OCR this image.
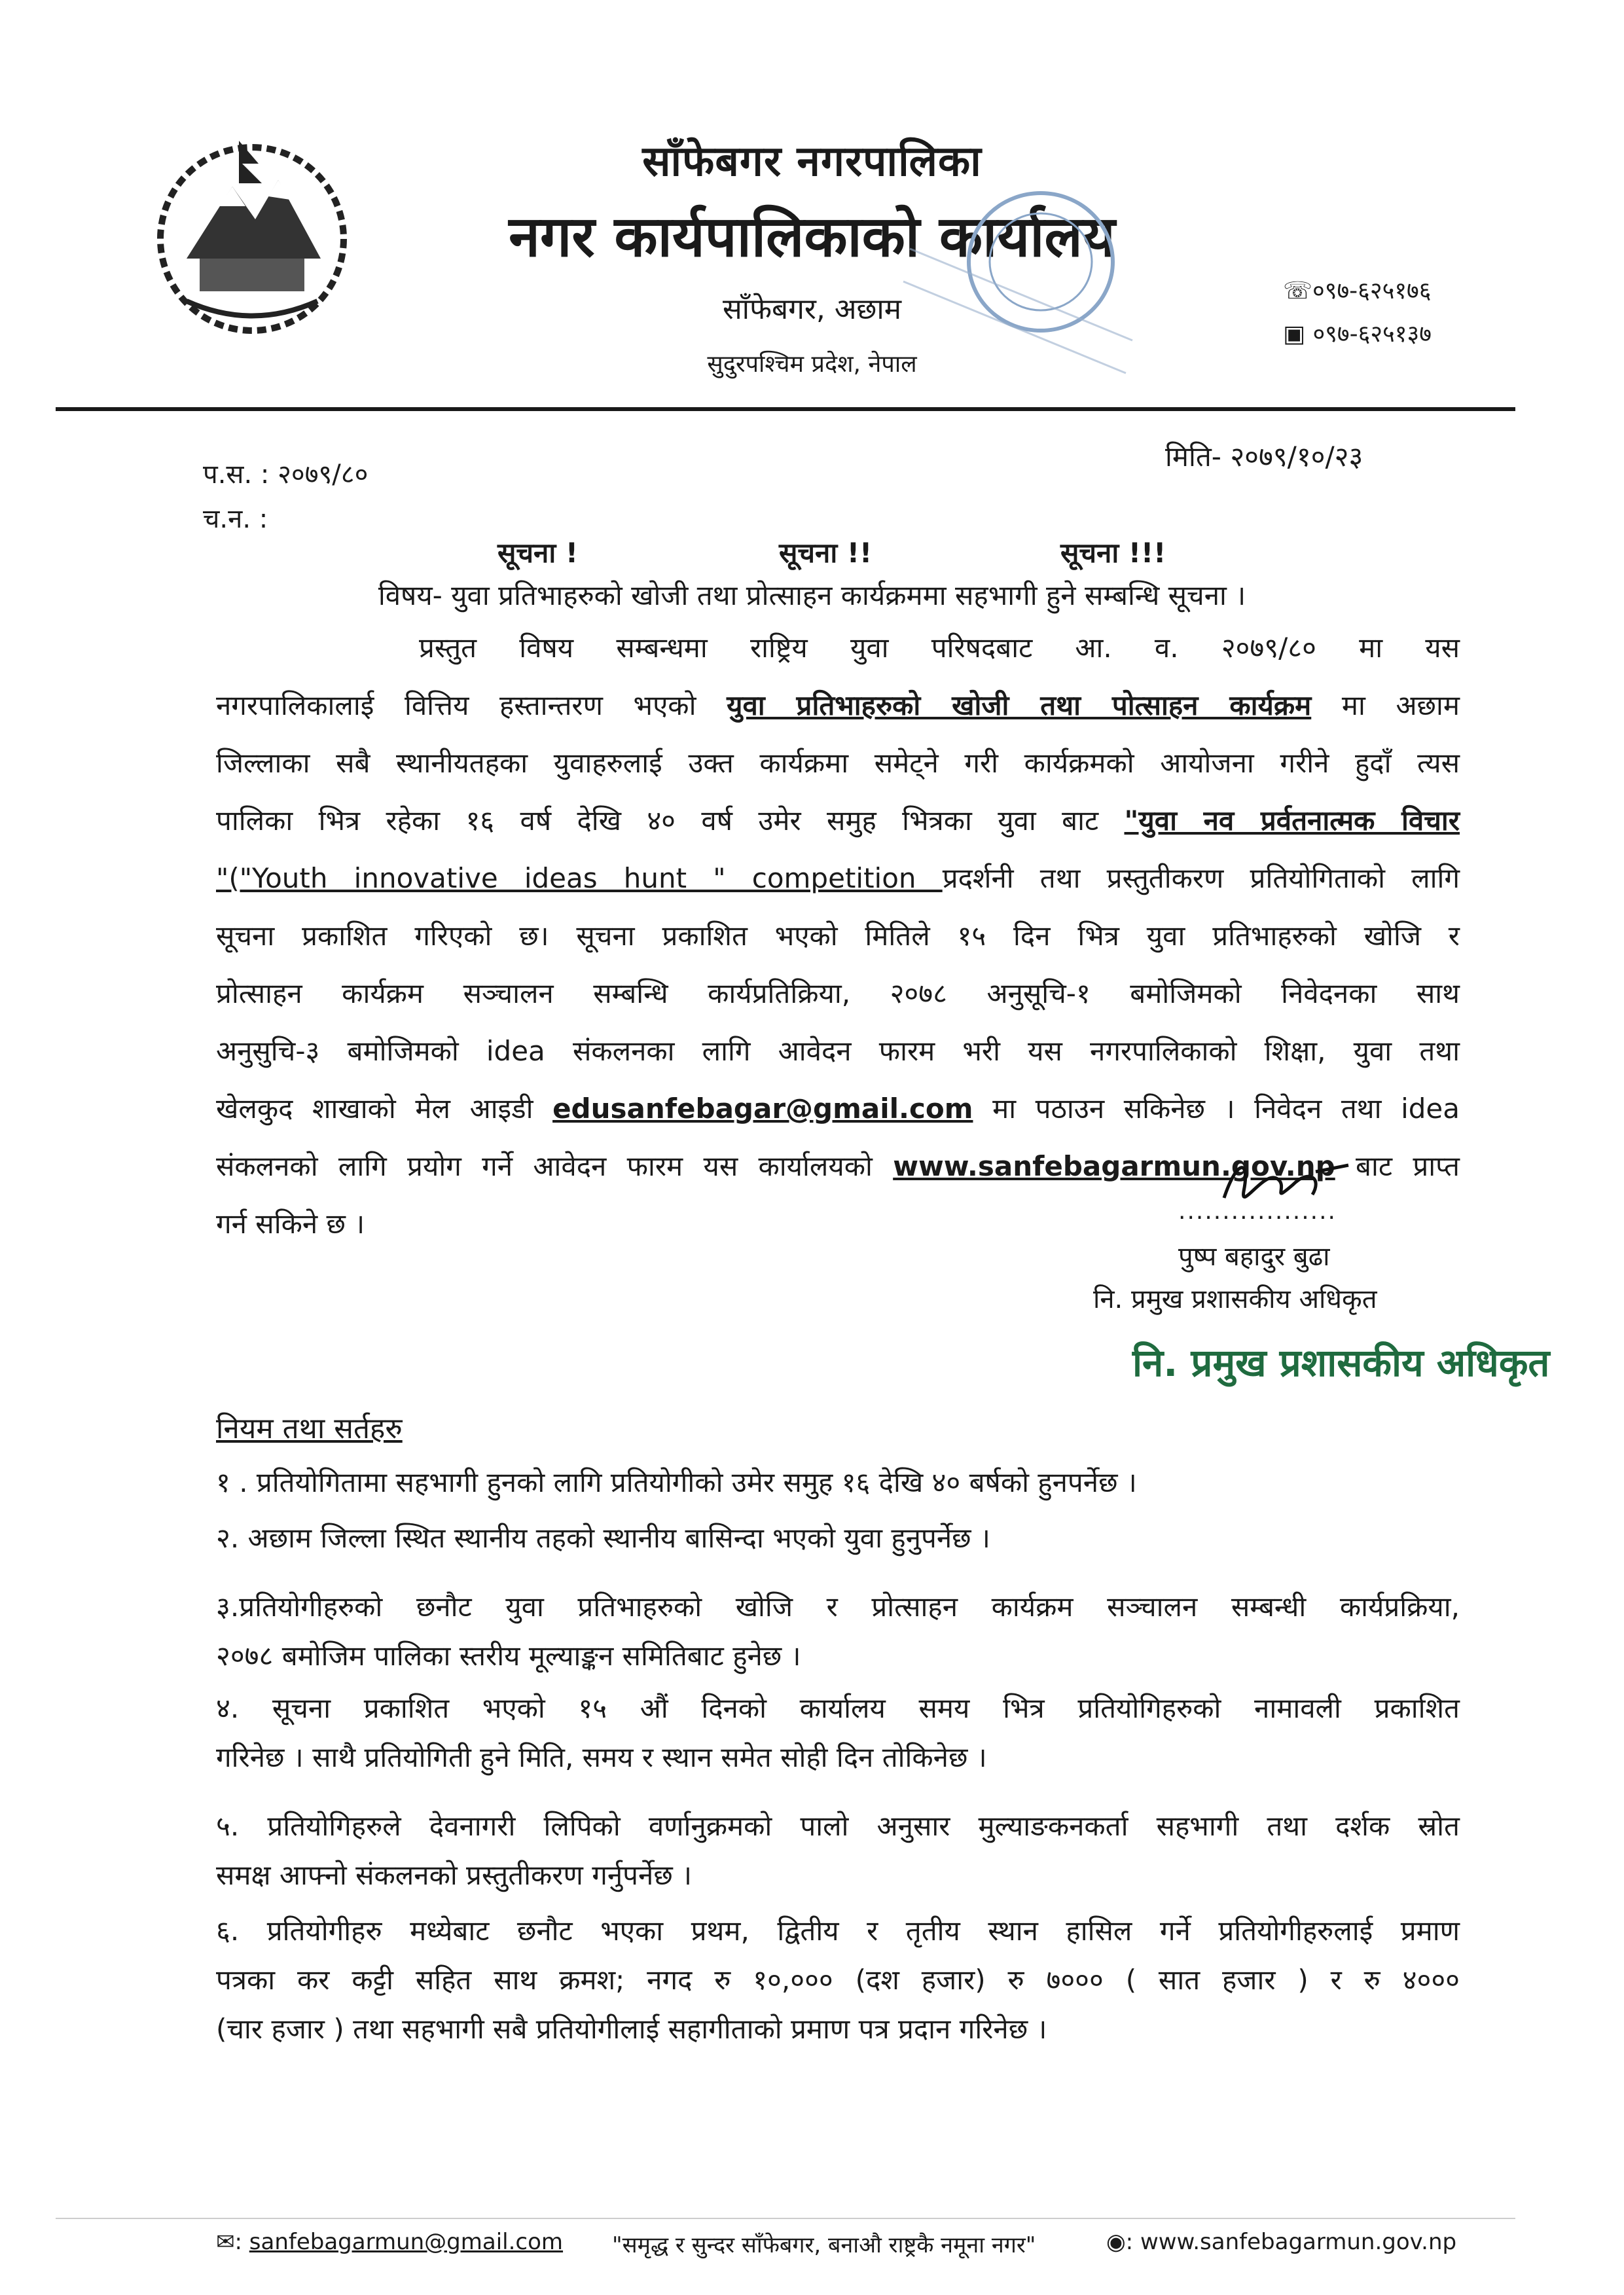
साँफेबगर नगरपालिका
नगर कार्यपालिकाको कार्यालय
साँफेबगर, अछाम
सुदुरपश्चिम प्रदेश, नेपाल
☏०९७-६२५१७६
▣ ०९७-६२५१३७
प.स. : २०७९/८०
च.न. :
मिति- २०७९/१०/२३
सूचना !	सूचना !!	सूचना !!!
विषय- युवा प्रतिभाहरुको खोजी तथा प्रोत्साहन कार्यक्रममा सहभागी हुने सम्बन्धि सूचना ।
प्रस्तुत विषय सम्बन्धमा राष्ट्रिय युवा परिषदबाट आ. व. २०७९/८० मा यस
नगरपालिकालाई वित्तिय हस्तान्तरण भएको युवा प्रतिभाहरुको खोजी तथा पोत्साहन कार्यक्रम मा अछाम
जिल्लाका सबै स्थानीयतहका युवाहरुलाई उक्त कार्यक्रमा समेट्ने गरी कार्यक्रमको आयोजना गरीने हुदाँ त्यस
पालिका भित्र रहेका १६ वर्ष देखि ४० वर्ष उमेर समुह भित्रका युवा बाट "युवा नव प्रर्वतनात्मक विचार
"("Youth innovative ideas hunt " competition प्रदर्शनी तथा प्रस्तुतीकरण प्रतियोगिताको लागि
सूचना प्रकाशित गरिएको छ। सूचना प्रकाशित भएको मितिले १५ दिन भित्र युवा प्रतिभाहरुको खोजि र
प्रोत्साहन कार्यक्रम सञ्चालन सम्बन्धि कार्यप्रतिक्रिया, २०७८ अनुसूचि-१ बमोजिमको निवेदनका साथ
अनुसुचि-३ बमोजिमको idea संकलनका लागि आवेदन फारम भरी यस नगरपालिकाको शिक्षा, युवा तथा
खेलकुद शाखाको मेल आइडी edusanfebagar@gmail.com मा पठाउन सकिनेछ । निवेदन तथा idea
संकलनको लागि प्रयोग गर्ने आवेदन फारम यस कार्यालयको www.sanfebagarmun.gov.np बाट प्राप्त
गर्न सकिने छ ।	..................
पुष्प बहादुर बुढा
नि. प्रमुख प्रशासकीय अधिकृत
नि. प्रमुख प्रशासकीय अधिकृत
नियम तथा सर्तहरु
१ . प्रतियोगितामा सहभागी हुनको लागि प्रतियोगीको उमेर समुह १६ देखि ४० बर्षको हुनपर्नेछ ।
२. अछाम जिल्ला स्थित स्थानीय तहको स्थानीय बासिन्दा भएको युवा हुनुपर्नेछ ।
३.प्रतियोगीहरुको छनौट युवा प्रतिभाहरुको खोजि र प्रोत्साहन कार्यक्रम सञ्चालन सम्बन्धी कार्यप्रक्रिया,
२०७८ बमोजिम पालिका स्तरीय मूल्याङ्कन समितिबाट हुनेछ ।
४. सूचना प्रकाशित भएको १५ औं दिनको कार्यालय समय भित्र प्रतियोगिहरुको नामावली प्रकाशित
गरिनेछ । साथै प्रतियोगिती हुने मिति, समय र स्थान समेत सोही दिन तोकिनेछ ।
५. प्रतियोगिहरुले देवनागरी लिपिको वर्णानुक्रमको पालो अनुसार मुल्याङकनकर्ता सहभागी तथा दर्शक स्रोत
समक्ष आफ्नो संकलनको प्रस्तुतीकरण गर्नुपर्नेछ ।
६. प्रतियोगीहरु मध्येबाट छनौट भएका प्रथम, द्वितीय र तृतीय स्थान हासिल गर्ने प्रतियोगीहरुलाई प्रमाण
पत्रका कर कट्टी सहित साथ क्रमश; नगद रु १०,००० (दश हजार) रु ७००० ( सात हजार ) र रु ४०००
(चार हजार ) तथा सहभागी सबै प्रतियोगीलाई सहागीताको प्रमाण पत्र प्रदान गरिनेछ ।
✉: sanfebagarmun@gmail.com "समृद्ध र सुन्दर साँफेबगर, बनाऔ राष्ट्रकै नमूना नगर"	◉: www.sanfebagarmun.gov.np
